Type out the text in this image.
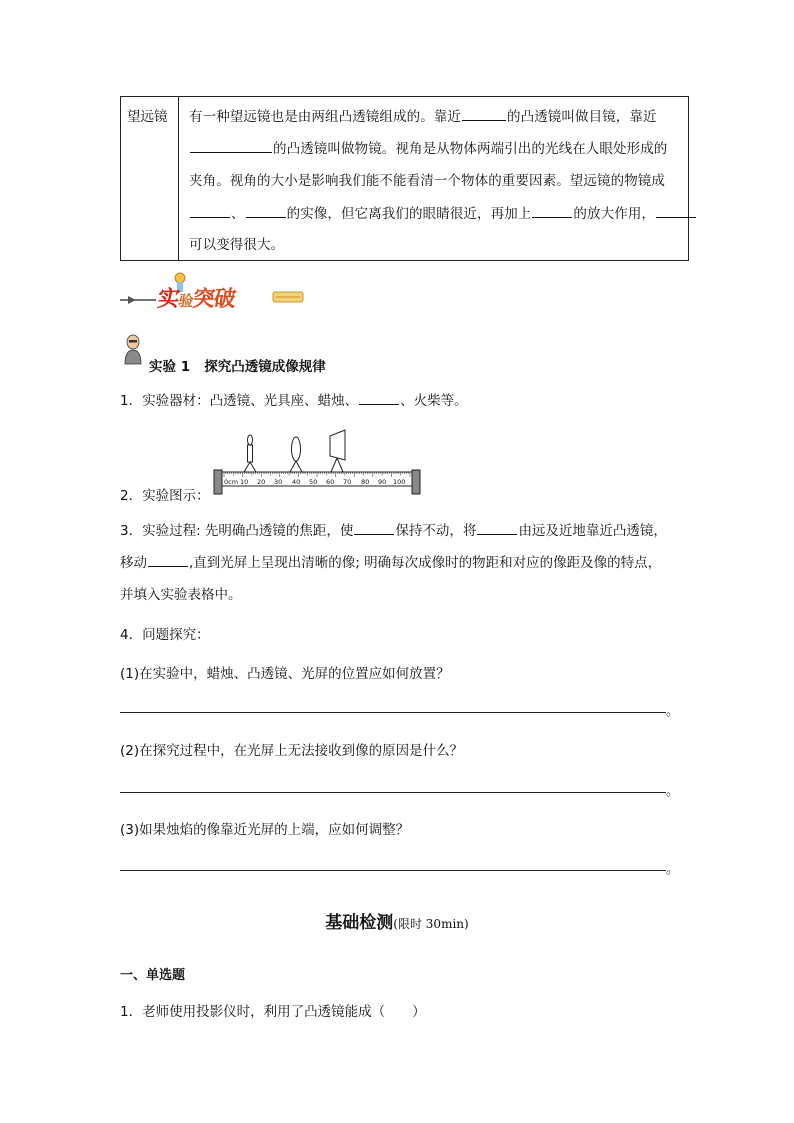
望远镜 有一种望远镜也是由两组凸透镜组成的。靠近	的凸透镜叫做目镜，靠近
的凸透镜叫做物镜。视角是从物体两端引出的光线在人眼处形成的
夹角。视角的大小是影响我们能不能看清一个物体的重要因素。望远镜的物镜成
、	的实像，但它离我们的眼睛很近，再加上	的放大作用，
可以变得很大。
实验突破
实验 1 探究凸透镜成像规律
1．实验器材：凸透镜、光具座、蜡烛、	、火柴等。
2．实验图示：
0cm 10 20 30 40 50 60 70 80 90 100
3．实验过程: 先明确凸透镜的焦距，使	保持不动，将	由远及近地靠近凸透镜，
移动	,直到光屏上呈现出清晰的像; 明确每次成像时的物距和对应的像距及像的特点，
并填入实验表格中。
4．问题探究：
(1)在实验中，蜡烛、凸透镜、光屏的位置应如何放置？
。
(2)在探究过程中，在光屏上无法接收到像的原因是什么？
。
(3)如果烛焰的像靠近光屏的上端，应如何调整？
。
基础检测(限时 30min)
一、单选题
1．老师使用投影仪时，利用了凸透镜能成（　　）
